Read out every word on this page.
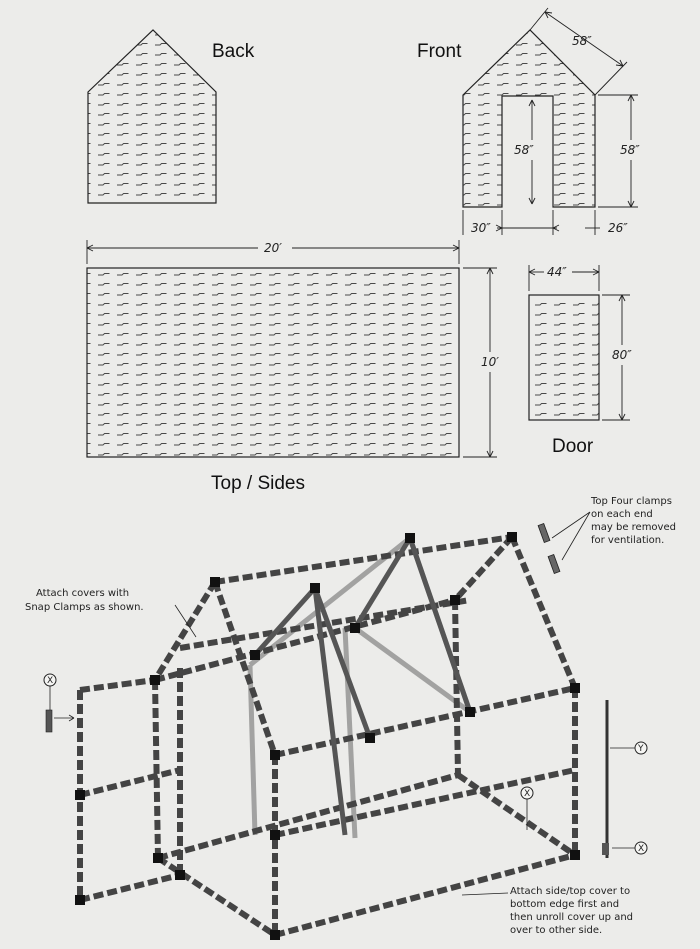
Back	Front	58″
58″	58″
30″	26″
20′
10′
Top / Sides
44″
80″
Door
X
X
Y
X
Attach covers with
Snap Clamps as shown.
Top Four clamps
on each end
may be removed
for ventilation.
Attach side/top cover to
bottom edge first and
then unroll cover up and
over to other side.
